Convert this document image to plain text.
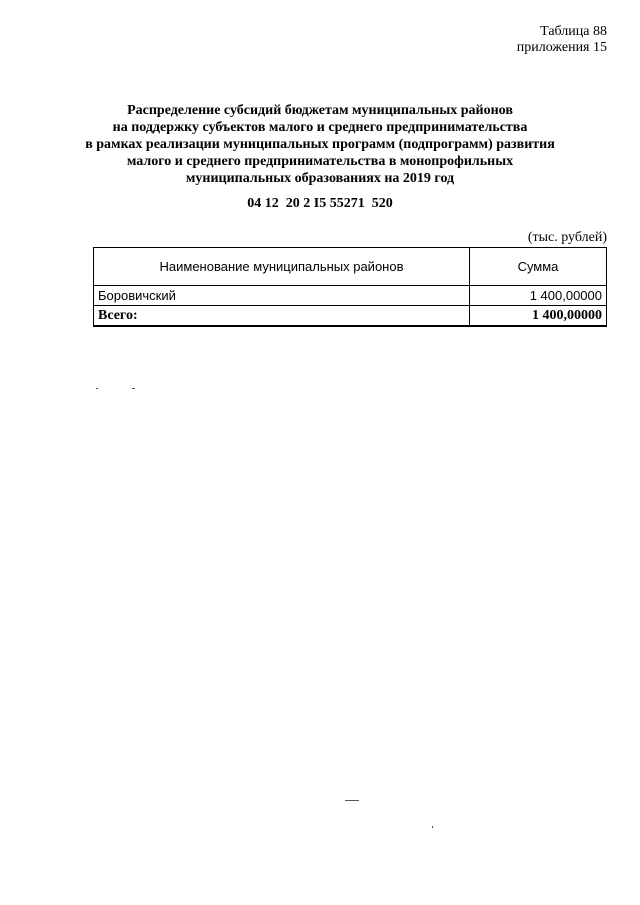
Таблица 88
приложения 15
Распределение субсидий бюджетам муниципальных районов
на поддержку субъектов малого и среднего предпринимательства
в рамках реализации муниципальных программ (подпрограмм) развития
малого и среднего предпринимательства в монопрофильных
муниципальных образованиях на 2019 год
04 12  20 2 I5 55271  520
(тыс. рублей)
Наименование муниципальных районов	Сумма
Боровичский	1 400,00000
Всего:	1 400,00000
